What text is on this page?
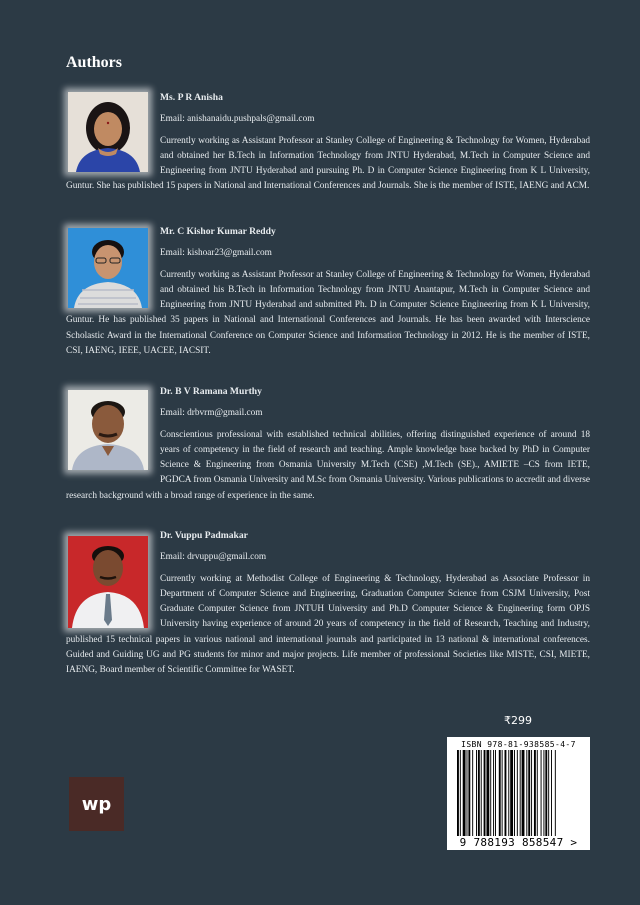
Authors
Ms. P R Anisha
Email: anishanaidu.pushpals@gmail.com

Currently working as Assistant Professor at Stanley College of Engineering & Technology for Women, Hyderabad and obtained her B.Tech in Information Technology from JNTU Hyderabad, M.Tech in Computer Science and Engineering from JNTU Hyderabad and pursuing Ph. D in Computer Science Engineering from K L University, Guntur. She has published 15 papers in National and International Conferences and Journals. She is the member of ISTE, IAENG and ACM.

Mr. C Kishor Kumar Reddy
Email: kishoar23@gmail.com

Currently working as Assistant Professor at Stanley College of Engineering & Technology for Women, Hyderabad and obtained his B.Tech in Information Technology from JNTU Anantapur, M.Tech in Computer Science and Engineering from JNTU Hyderabad and submitted Ph. D in Computer Science Engineering from K L University, Guntur. He has published 35 papers in National and International Conferences and Journals. He has been awarded with Interscience Scholastic Award in the International Conference on Computer Science and Information Technology in 2012. He is the member of ISTE, CSI, IAENG, IEEE, UACEE, IACSIT.

Dr. B V Ramana Murthy
Email: drbvrm@gmail.com

Conscientious professional with established technical abilities, offering distinguished experience of around 18 years of competency in the field of research and teaching. Ample knowledge base backed by PhD in Computer Science & Engineering from Osmania University M.Tech (CSE) ,M.Tech (SE)., AMIETE –CS from IETE, PGDCA from Osmania University and M.Sc from Osmania University. Various publications to accredit and diverse research background with a broad range of experience in the same.

Dr. Vuppu Padmakar
Email: drvuppu@gmail.com

Currently working at Methodist College of Engineering & Technology, Hyderabad as Associate Professor in Department of Computer Science and Engineering, Graduation Computer Science from CSJM University, Post Graduate Computer Science from JNTUH University and Ph.D Computer Science & Engineering form OPJS University having experience of around 20 years of competency in the field of Research, Teaching and Industry, published 15 technical papers in various national and international journals and participated in 13 national & international conferences. Guided and Guiding UG and PG students for minor and major projects. Life member of professional Societies like MISTE, CSI, MIETE, IAENG, Board member of Scientific Committee for WASET.

₹299
ISBN 978-81-938585-4-7
9 788193 858547 >
wp
